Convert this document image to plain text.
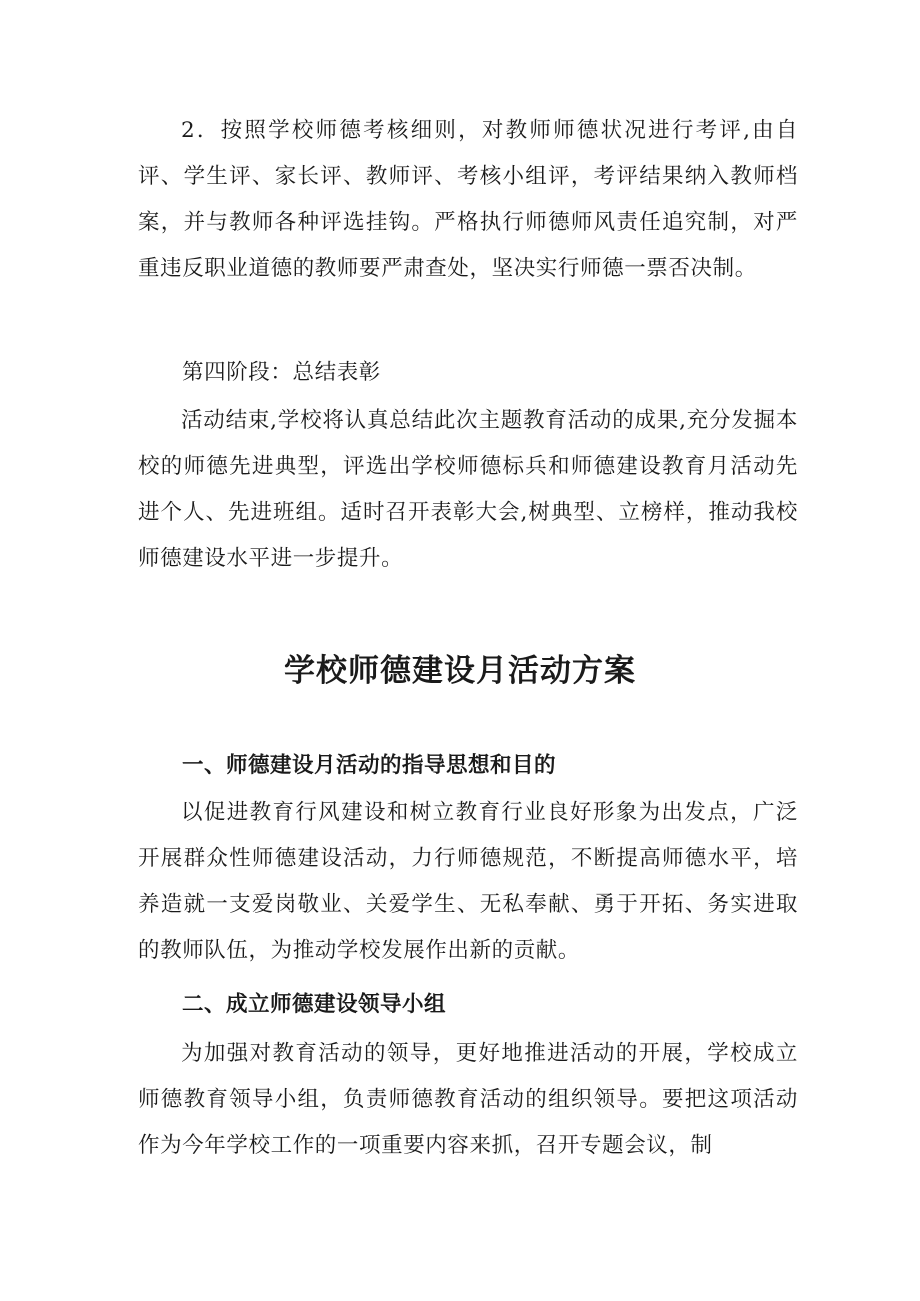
2．按照学校师德考核细则，对教师师德状况进行考评,由自评、学生评、家长评、教师评、考核小组评，考评结果纳入教师档案，并与教师各种评选挂钩。严格执行师德师风责任追究制，对严重违反职业道德的教师要严肃查处，坚决实行师德一票否决制。

第四阶段：总结表彰

活动结束,学校将认真总结此次主题教育活动的成果,充分发掘本校的师德先进典型，评选出学校师德标兵和师德建设教育月活动先进个人、先进班组。适时召开表彰大会,树典型、立榜样，推动我校师德建设水平进一步提升。

学校师德建设月活动方案
一、师德建设月活动的指导思想和目的

以促进教育行风建设和树立教育行业良好形象为出发点，广泛开展群众性师德建设活动，力行师德规范，不断提高师德水平，培养造就一支爱岗敬业、关爱学生、无私奉献、勇于开拓、务实进取的教师队伍，为推动学校发展作出新的贡献。

二、成立师德建设领导小组

为加强对教育活动的领导，更好地推进活动的开展，学校成立师德教育领导小组，负责师德教育活动的组织领导。要把这项活动作为今年学校工作的一项重要内容来抓，召开专题会议，制
